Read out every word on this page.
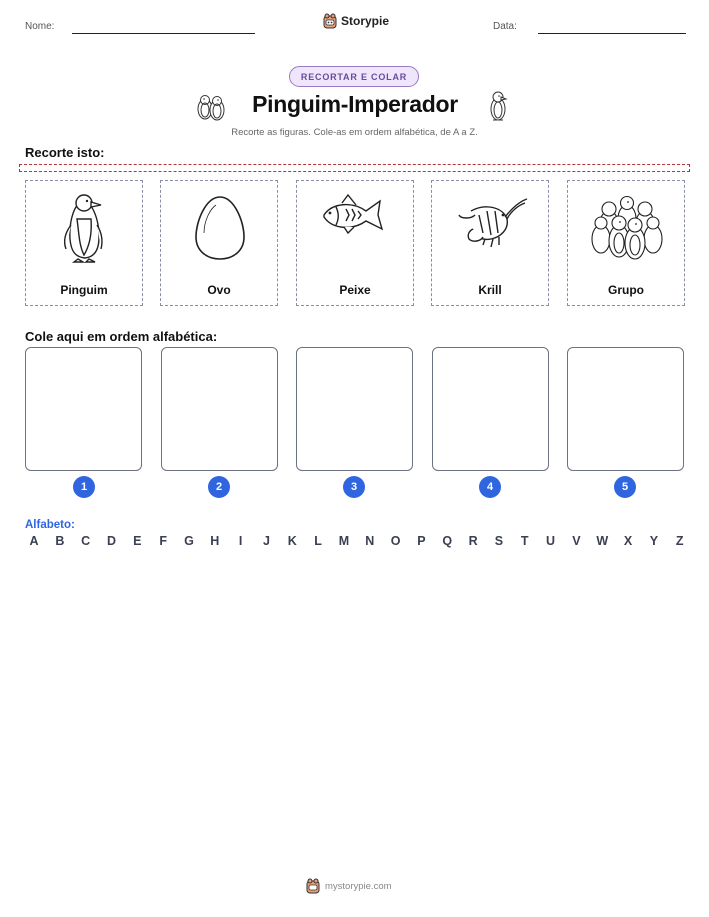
Nome:	Storypie	Data:
RECORTAR E COLAR
Pinguim-Imperador
Recorte as figuras. Cole-as em ordem alfabética, de A a Z.
Recorte isto:
Pinguim	Ovo	Peixe	Krill	Grupo
Cole aqui em ordem alfabética:
1	2	3	4	5
Alfabeto:
A B C D E F G H	I	J K L M N O P Q R S T U V W X Y Z
mystorypie.com
